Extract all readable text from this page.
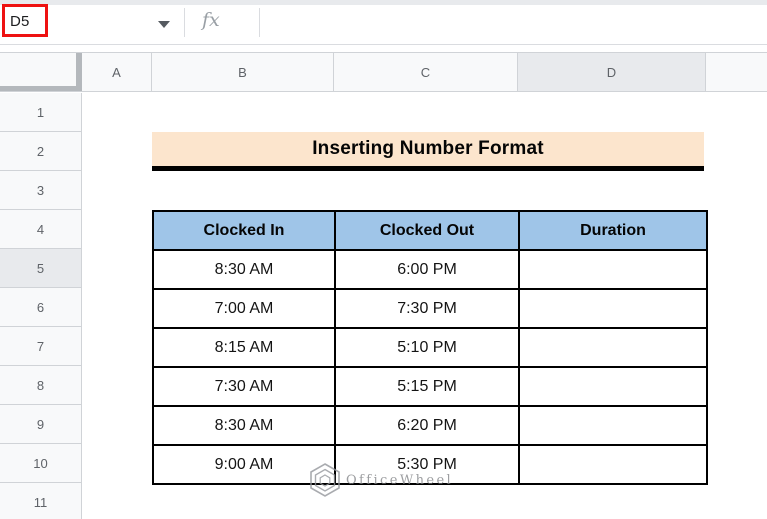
D5	fx
A	B	C	D
1
2
3
4
5
6
7
8
9
10
11
Inserting Number Format
Clocked In	Clocked Out	Duration
8:30 AM	6:00 PM	
7:00 AM	7:30 PM	
8:15 AM	5:10 PM	
7:30 AM	5:15 PM	
8:30 AM	6:20 PM	
9:00 AM	5:30 PM	
OfficeWheel
